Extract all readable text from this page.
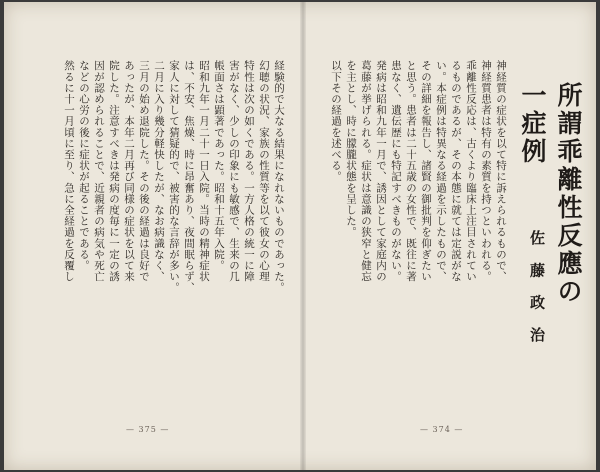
経験的で大なる結果になれないものであった。
幻聴の状況、家族の性質等を以て彼女の心理
特性は次の如くである。一方人格の統一に障
害がなく、少しの印象にも敏感で、生来の几
帳面さは顕著であった。昭和十五年入院。
昭和九年一月二十一日入院。当時の精神症状
は、不安、焦燥、時に昂奮あり、夜間眠らず、
家人に対して猜疑的で、被害的な言辞が多い。
二月に入り幾分軽快したが、なお病識なく、
三月の始め退院した。その後の経過は良好で
あったが、本年二月再び同様の症状を以て来
院した。注意すべきは発病の度毎に一定の誘
因が認められることで、近親者の病気や死亡
などの心労の後に症状が起ることである。
然るに十一月頃に至り、急に全経過を反覆し
— 375 —
所謂乖離性反應の一症例
佐 藤 政 治
神経質の症状を以て特に訴えられるもので、
神経質患者は特有の素質を持つといわれる。
乖離性反応は、古くより臨床上注目されてい
るものであるが、その本態に就ては定説がな
い。本症例は特異なる経過を示したもので、
その詳細を報告し、諸賢の御批判を仰ぎたい
と思う。患者は二十五歳の女性で、既往に著
患なく、遺伝歴にも特記すべきものがない。
発病は昭和九年一月で、誘因として家庭内の
葛藤が挙げられる。症状は意識の狭窄と健忘
を主とし、時に朦朧状態を呈した。
以下その経過を述べる。
— 374 —
